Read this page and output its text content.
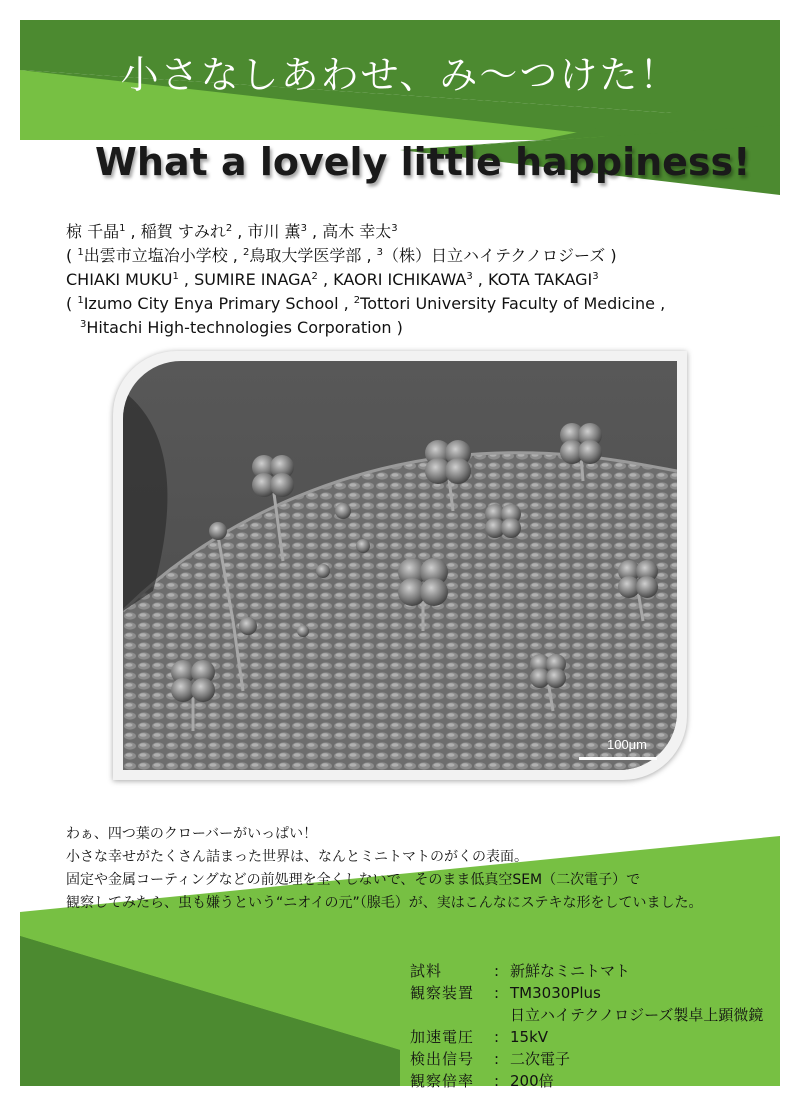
小さなしあわせ、み～つけた！
What a lovely little happiness!
椋 千晶$^1$ , 稲賀 すみれ$^2$ , 市川 薫$^3$ , 高木 幸太$^3$
( $^1$出雲市立塩冶小学校 , $^2$鳥取大学医学部 , $^3$（株）日立ハイテクノロジーズ )
CHIAKI MUKU$^1$ , SUMIRE INAGA$^2$ , KAORI ICHIKAWA$^3$ , KOTA TAKAGI$^3$
( $^1$Izumo City Enya Primary School , $^2$Tottori University Faculty of Medicine ,
$^3$Hitachi High-technologies Corporation )
100μm
わぁ、四つ葉のクローバーがいっぱい！
小さな幸せがたくさん詰まった世界は、なんとミニトマトのがくの表面。
固定や金属コーティングなどの前処理を全くしないで、そのまま低真空SEM（二次電子）で
観察してみたら、虫も嫌うという“ニオイの元”（腺毛）が、実はこんなにステキな形をしていました。
試料	: 新鮮なミニトマト
観察装置	: TM3030Plus
日立ハイテクノロジーズ製卓上顕微鏡
加速電圧	: 15kV
検出信号	: 二次電子
観察倍率	: 200倍
